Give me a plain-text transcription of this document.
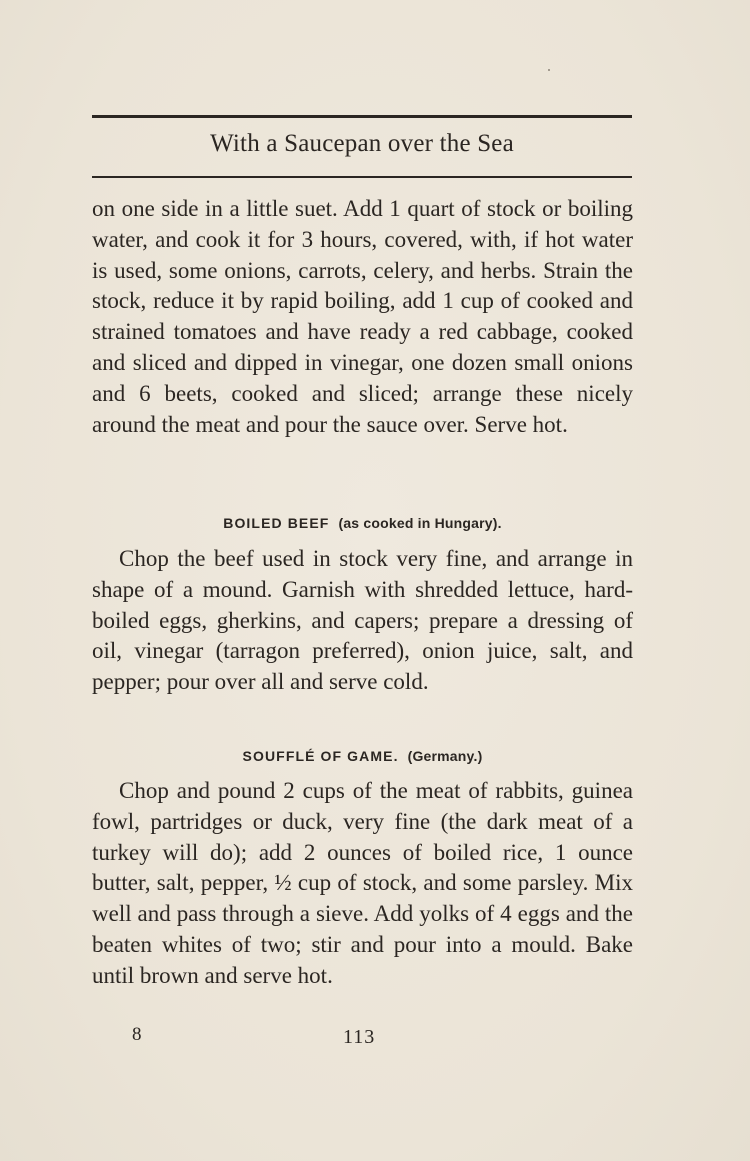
With a Saucepan over the Sea

on one side in a little suet. Add 1 quart of stock or boiling water, and cook it for 3 hours, covered, with, if hot water is used, some onions, carrots, celery, and herbs. Strain the stock, reduce it by rapid boiling, add 1 cup of cooked and strained tomatoes and have ready a red cabbage, cooked and sliced and dipped in vinegar, one dozen small onions and 6 beets, cooked and sliced; arrange these nicely around the meat and pour the sauce over. Serve hot.

BOILED BEEF (as cooked in Hungary).

Chop the beef used in stock very fine, and arrange in shape of a mound. Garnish with shredded lettuce, hard-boiled eggs, gherkins, and capers; prepare a dressing of oil, vinegar (tarragon preferred), onion juice, salt, and pepper; pour over all and serve cold.

SOUFFLÉ OF GAME. (Germany.)

Chop and pound 2 cups of the meat of rabbits, guinea fowl, partridges or duck, very fine (the dark meat of a turkey will do); add 2 ounces of boiled rice, 1 ounce butter, salt, pepper, ½ cup of stock, and some parsley. Mix well and pass through a sieve. Add yolks of 4 eggs and the beaten whites of two; stir and pour into a mould. Bake until brown and serve hot.

8	113
